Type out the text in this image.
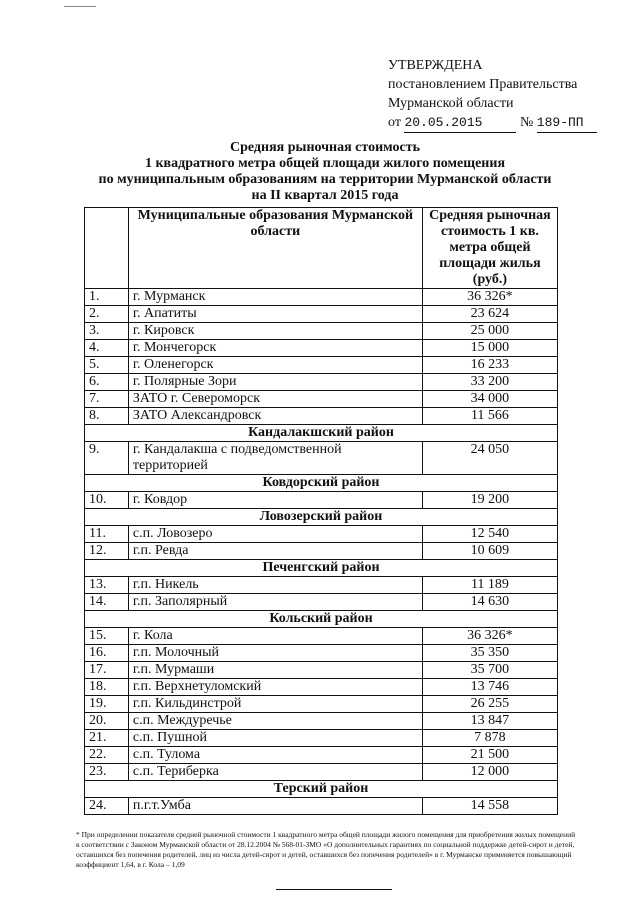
УТВЕРЖДЕНА
постановлением Правительства
Мурманской области
от 20.05.2015	№ 189-ПП
Средняя рыночная стоимость
1 квадратного метра общей площади жилого помещения
по муниципальным образованиям на территории Мурманской области
на II квартал 2015 года
	Муниципальные образования Мурманской области	Средняя рыночная стоимость 1 кв. метра общей площади жилья (руб.)
1.	г. Мурманск	36 326*
2.	г. Апатиты	23 624
3.	г. Кировск	25 000
4.	г. Мончегорск	15 000
5.	г. Оленегорск	16 233
6.	г. Полярные Зори	33 200
7.	ЗАТО г. Североморск	34 000
8.	ЗАТО Александровск	11 566
Кандалакшский район		
9.	г. Кандалакша с подведомственной территорией	24 050
Ковдорский район		
10.	г. Ковдор	19 200
Ловозерский район		
11.	с.п. Ловозеро	12 540
12.	г.п. Ревда	10 609
Печенгский район		
13.	г.п. Никель	11 189
14.	г.п. Заполярный	14 630
Кольский район		
15.	г. Кола	36 326*
16.	г.п. Молочный	35 350
17.	г.п. Мурмаши	35 700
18.	г.п. Верхнетуломский	13 746
19.	г.п. Кильдинстрой	26 255
20.	с.п. Междуречье	13 847
21.	с.п. Пушной	7 878
22.	с.п. Тулома	21 500
23.	с.п. Териберка	12 000
Терский район		
24.	п.г.т.Умба	14 558
* При определении показателя средней рыночной стоимости 1 квадратного метра общей площади жилого помещения для приобретения жилых помещений в соответствии с Законом Мурманской области от 28.12.2004 № 568-01-ЗМО «О дополнительных гарантиях по социальной поддержке детей-сирот и детей, оставшихся без попечения родителей, лиц из числа детей-сирот и детей, оставшихся без попечения родителей» в г. Мурманске применяется повышающий коэффициент 1,64, в г. Кола – 1,09
